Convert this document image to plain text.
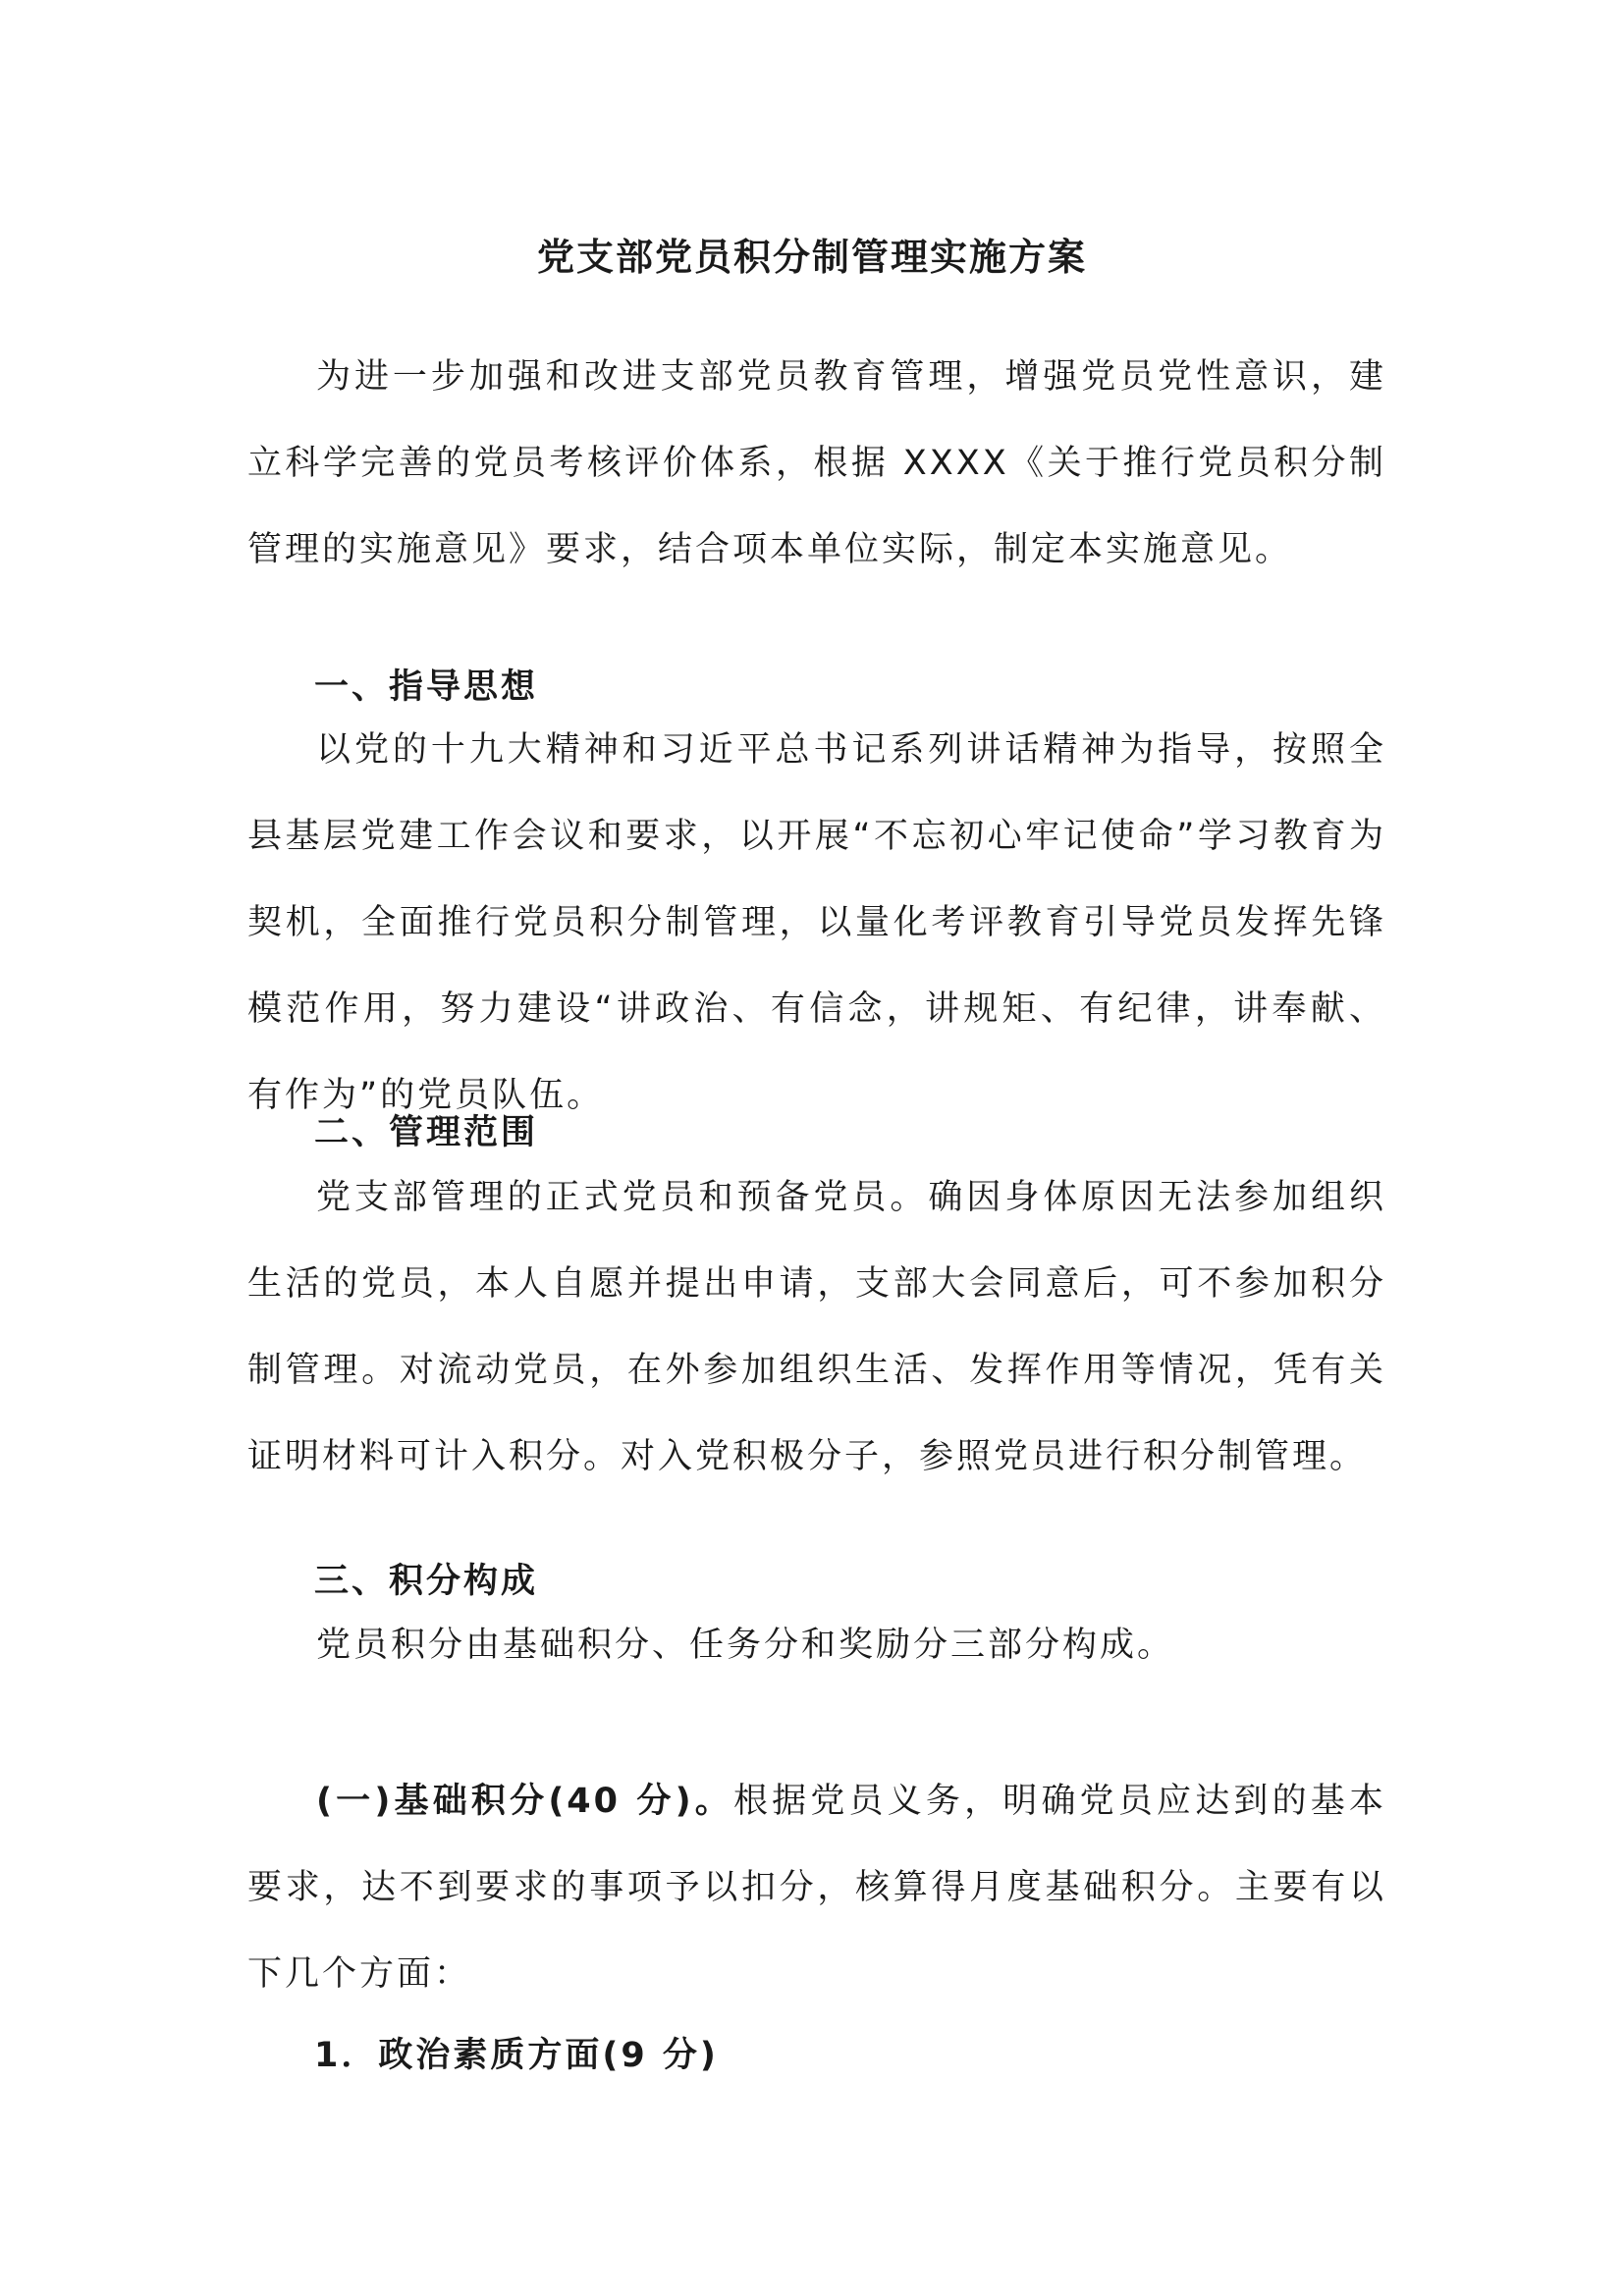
党支部党员积分制管理实施方案

为进一步加强和改进支部党员教育管理，增强党员党性意识，建立科学完善的党员考核评价体系，根据 XXXX《关于推行党员积分制管理的实施意见》要求，结合项本单位实际，制定本实施意见。

一、指导思想

以党的十九大精神和习近平总书记系列讲话精神为指导，按照全县基层党建工作会议和要求，以开展“不忘初心牢记使命”学习教育为契机，全面推行党员积分制管理，以量化考评教育引导党员发挥先锋模范作用，努力建设“讲政治、有信念，讲规矩、有纪律，讲奉献、有作为”的党员队伍。

二、管理范围

党支部管理的正式党员和预备党员。确因身体原因无法参加组织生活的党员，本人自愿并提出申请，支部大会同意后，可不参加积分制管理。对流动党员，在外参加组织生活、发挥作用等情况，凭有关证明材料可计入积分。对入党积极分子，参照党员进行积分制管理。

三、积分构成

党员积分由基础积分、任务分和奖励分三部分构成。

(一)基础积分(40 分)。根据党员义务，明确党员应达到的基本要求，达不到要求的事项予以扣分，核算得月度基础积分。主要有以下几个方面：

1．政治素质方面(9 分)
